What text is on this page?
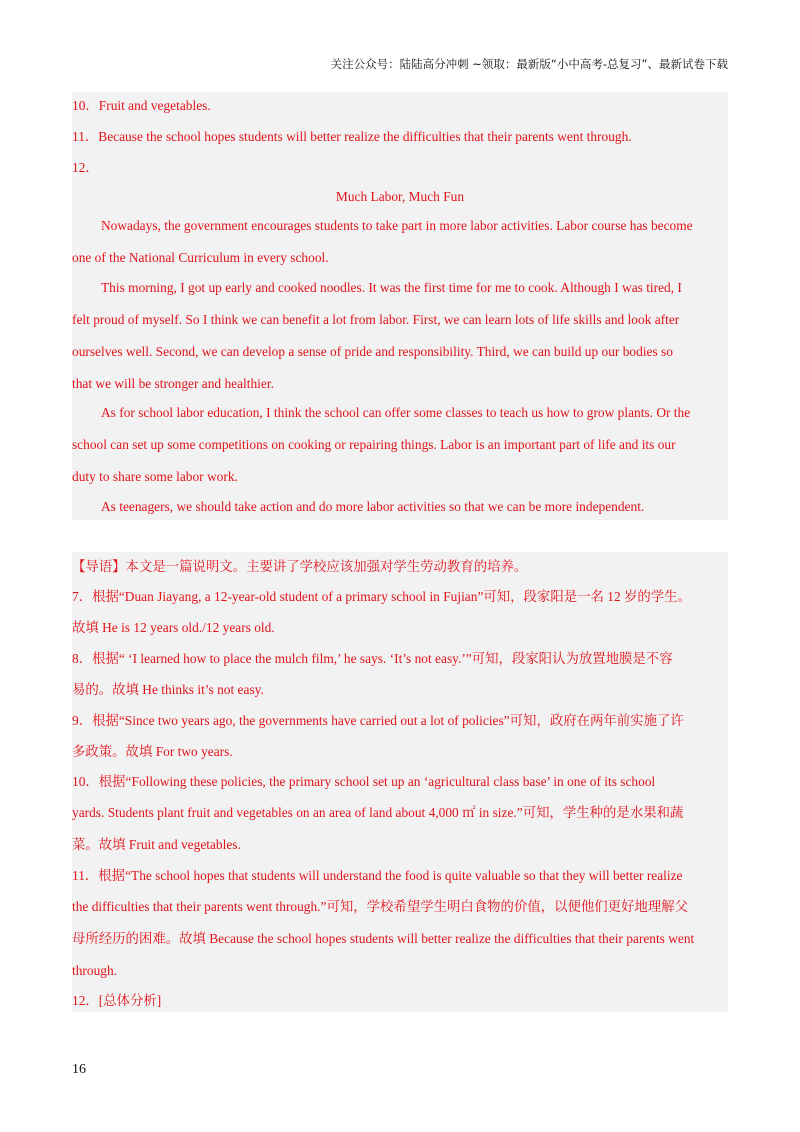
关注公众号：陆陆高分冲刺 ~领取：最新版“小中高考-总复习”、最新试卷下载
10．Fruit and vegetables.
11．Because the school hopes students will better realize the difficulties that their parents went through.
12．
Much Labor, Much Fun
Nowadays, the government encourages students to take part in more labor activities. Labor course has become
one of the National Curriculum in every school.
This morning, I got up early and cooked noodles. It was the first time for me to cook. Although I was tired, I
felt proud of myself. So I think we can benefit a lot from labor. First, we can learn lots of life skills and look after
ourselves well. Second, we can develop a sense of pride and responsibility. Third, we can build up our bodies so
that we will be stronger and healthier.
As for school labor education, I think the school can offer some classes to teach us how to grow plants. Or the
school can set up some competitions on cooking or repairing things. Labor is an important part of life and its our
duty to share some labor work.
As teenagers, we should take action and do more labor activities so that we can be more independent.
【导语】本文是一篇说明文。主要讲了学校应该加强对学生劳动教育的培养。
7．根据“Duan Jiayang, a 12-year-old student of a primary school in Fujian”可知，段家阳是一名 12 岁的学生。
故填 He is 12 years old./12 years old.
8．根据“ ‘I learned how to place the mulch film,’ he says. ‘It’s not easy.’”可知，段家阳认为放置地膜是不容
易的。故填 He thinks it’s not easy.
9．根据“Since two years ago, the governments have carried out a lot of policies”可知，政府在两年前实施了许
多政策。故填 For two years.
10．根据“Following these policies, the primary school set up an ‘agricultural class base’ in one of its school
yards. Students plant fruit and vegetables on an area of land about 4,000 ㎡ in size.”可知，学生种的是水果和蔬
菜。故填 Fruit and vegetables.
11．根据“The school hopes that students will understand the food is quite valuable so that they will better realize
the difficulties that their parents went through.”可知，学校希望学生明白食物的价值，以便他们更好地理解父
母所经历的困难。故填 Because the school hopes students will better realize the difficulties that their parents went
through.
12．[总体分析]
16
